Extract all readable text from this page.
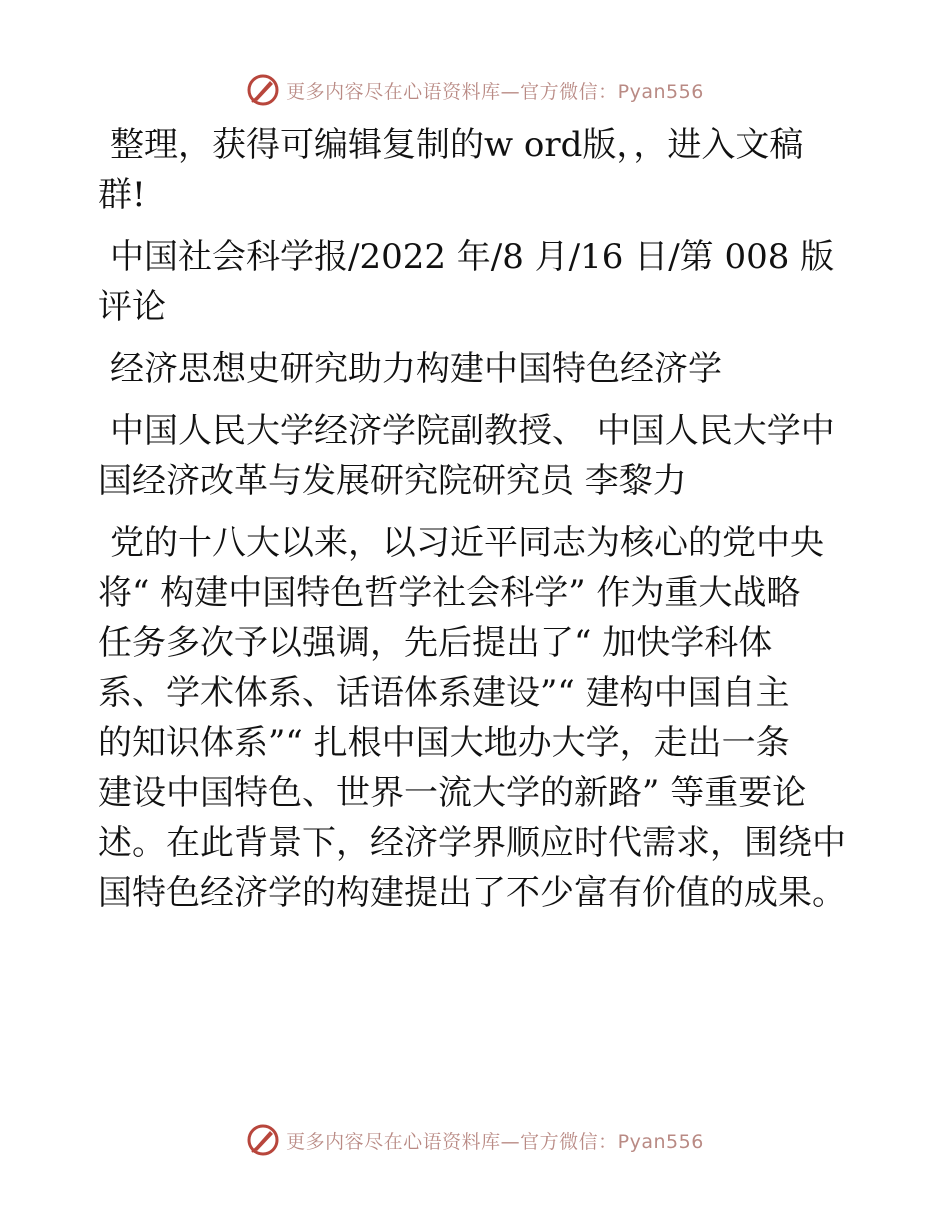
更多内容尽在心语资料库—官方微信：Pyan556
整理，获得可编辑复制的w ord版，，进入文稿
群!
中国社会科学报/2022 年/8 月/16 日/第 008 版
评论
经济思想史研究助力构建中国特色经济学
中国人民大学经济学院副教授、 中国人民大学中
国经济改革与发展研究院研究员 李黎力
党的十八大以来，以习近平同志为核心的党中央
将“ 构建中国特色哲学社会科学” 作为重大战略
任务多次予以强调，先后提出了“ 加快学科体
系、学术体系、话语体系建设”“ 建构中国自主
的知识体系”“ 扎根中国大地办大学，走出一条
建设中国特色、世界一流大学的新路” 等重要论
述。在此背景下，经济学界顺应时代需求，围绕中
国特色经济学的构建提出了不少富有价值的成果。
更多内容尽在心语资料库—官方微信：Pyan556
